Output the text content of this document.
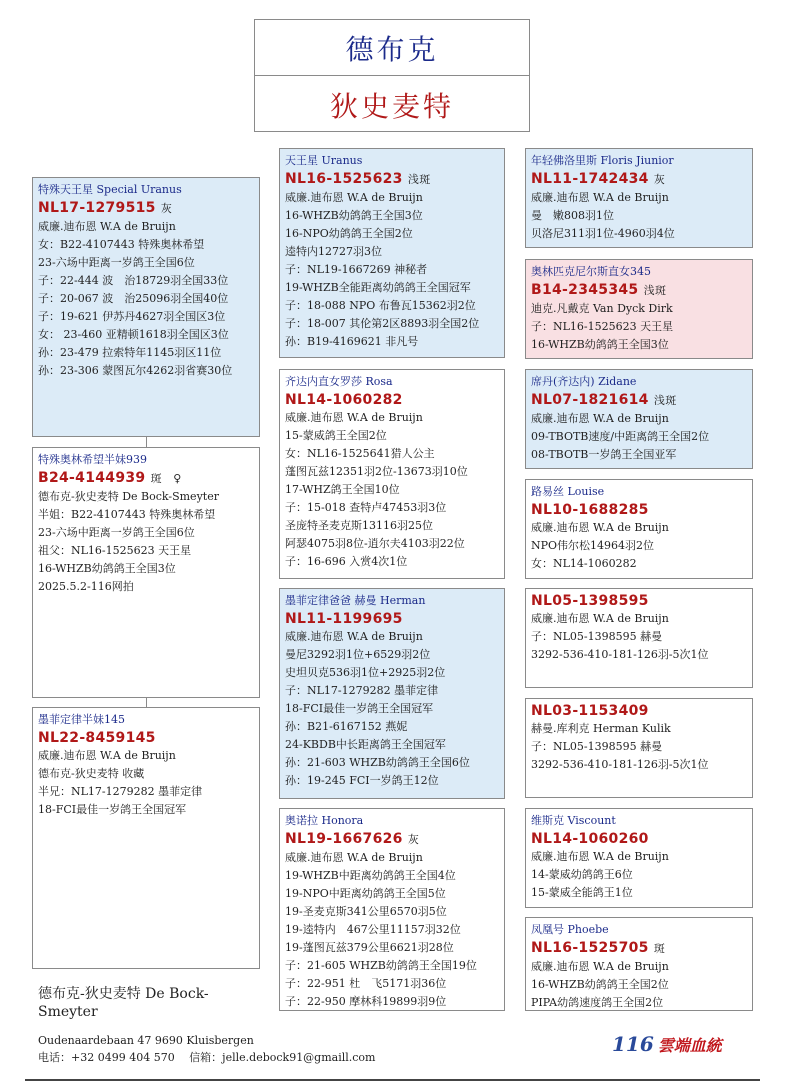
德布克
狄史麦特
特殊天王星 Special Uranus
NL17-1279515 灰
威廉.迪布恩 W.A de Bruijn
女：B22-4107443 特殊奥林希望
23-六场中距离一岁鸽王全国6位
子：22-444 波　治18729羽全国33位
子：20-067 波　治25096羽全国40位
子：19-621 伊苏丹4627羽全国区3位
女： 23-460 亚精顿1618羽全国区3位
孙：23-479 拉索特年1145羽区11位
孙：23-306 蒙图瓦尔4262羽省赛30位
特殊奥林希望半妹939
B24-4144939 斑　♀
德布克-狄史麦特 De Bock-Smeyter
半姐：B22-4107443 特殊奥林希望
23-六场中距离一岁鸽王全国6位
祖父：NL16-1525623 天王星
16-WHZB幼鸽鸽王全国3位
2025.5.2-116网拍
墨菲定律半妹145
NL22-8459145
威廉.迪布恩 W.A de Bruijn
德布克-狄史麦特 收藏
半兄：NL17-1279282 墨菲定律
18-FCI最佳一岁鸽王全国冠军
天王星 Uranus
NL16-1525623 浅斑
威廉.迪布恩 W.A de Bruijn
16-WHZB幼鸽鸽王全国3位
16-NPO幼鸽鸽王全国2位
逵特内12727羽3位
子：NL19-1667269 神秘者
19-WHZB全能距离幼鸽鸽王全国冠军
子：18-088 NPO 布鲁瓦15362羽2位
子：18-007 其伦第2区8893羽全国2位
孙：B19-4169621 非凡号
齐达内直女罗莎 Rosa
NL14-1060282
威廉.迪布恩 W.A de Bruijn
15-蒙威鸽王全国2位
女：NL16-1525641猎人公主
蓬图瓦兹12351羽2位-13673羽10位
17-WHZ鸽王全国10位
子：15-018 查特卢47453羽3位
圣庞特圣麦克斯13116羽25位
阿瑟4075羽8位-逍尔夫4103羽22位
子：16-696 入赏4次1位
墨菲定律爸爸 赫曼 Herman
NL11-1199695
威廉.迪布恩 W.A de Bruijn
曼尼3292羽1位+6529羽2位
史坦贝克536羽1位+2925羽2位
子：NL17-1279282 墨菲定律
18-FCI最佳一岁鸽王全国冠军
孙：B21-6167152 燕妮
24-KBDB中长距离鸽王全国冠军
孙：21-603 WHZB幼鸽鸽王全国6位
孙：19-245 FCI一岁鸽王12位
奥诺拉 Honora
NL19-1667626 灰
威廉.迪布恩 W.A de Bruijn
19-WHZB中距离幼鸽鸽王全国4位
19-NPO中距离幼鸽鸽王全国5位
19-圣麦克斯341公里6570羽5位
19-逵特内　467公里11157羽32位
19-蓬图瓦兹379公里6621羽28位
子：21-605 WHZB幼鸽鸽王全国19位
子：22-951 杜　飞5171羽36位
子：22-950 摩林科19899羽9位
年轻佛洛里斯 Floris Jiunior
NL11-1742434 灰
威廉.迪布恩 W.A de Bruijn
曼　嫩808羽1位
贝洛尼311羽1位-4960羽4位
奥林匹克尼尔斯直女345
B14-2345345 浅斑
迪克.凡戴克 Van Dyck Dirk
子：NL16-1525623 天王星
16-WHZB幼鸽鸽王全国3位
席丹(齐达内) Zidane
NL07-1821614 浅斑
威廉.迪布恩 W.A de Bruijn
09-TBOTB速度/中距离鸽王全国2位
08-TBOTB一岁鸽王全国亚军
路易丝 Louise
NL10-1688285
威廉.迪布恩 W.A de Bruijn
NPO伟尔松14964羽2位
女：NL14-1060282
NL05-1398595
威廉.迪布恩 W.A de Bruijn
子：NL05-1398595 赫曼
3292-536-410-181-126羽-5次1位
NL03-1153409
赫曼.库利克 Herman Kulik
子：NL05-1398595 赫曼
3292-536-410-181-126羽-5次1位
维斯克 Viscount
NL14-1060260
威廉.迪布恩 W.A de Bruijn
14-蒙威幼鸽鸽王6位
15-蒙威全能鸽王1位
凤凰号 Phoebe
NL16-1525705 斑
威廉.迪布恩 W.A de Bruijn
16-WHZB幼鸽鸽王全国2位
PIPA幼鸽速度鸽王全国2位
德布克-狄史麦特 De Bock-Smeyter
Oudenaardebaan 47 9690 Kluisbergen
电话：+32 0499 404 570　 信箱：jelle.debock91@gmaill.com
116 雲端血統
